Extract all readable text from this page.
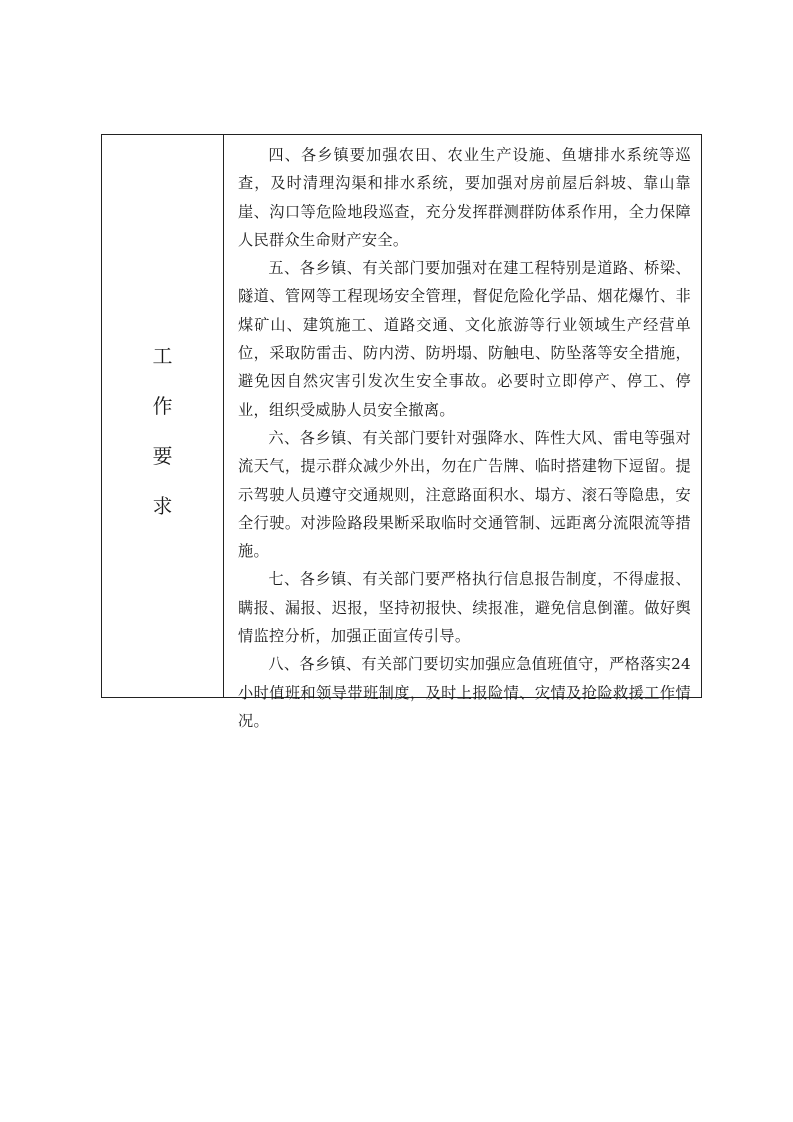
工
作
要
求

四、各乡镇要加强农田、农业生产设施、鱼塘排水系统等巡查，及时清理沟渠和排水系统，要加强对房前屋后斜坡、靠山靠崖、沟口等危险地段巡查，充分发挥群测群防体系作用，全力保障人民群众生命财产安全。

五、各乡镇、有关部门要加强对在建工程特别是道路、桥梁、隧道、管网等工程现场安全管理，督促危险化学品、烟花爆竹、非煤矿山、建筑施工、道路交通、文化旅游等行业领域生产经营单位，采取防雷击、防内涝、防坍塌、防触电、防坠落等安全措施，避免因自然灾害引发次生安全事故。必要时立即停产、停工、停业，组织受威胁人员安全撤离。

六、各乡镇、有关部门要针对强降水、阵性大风、雷电等强对流天气，提示群众减少外出，勿在广告牌、临时搭建物下逗留。提示驾驶人员遵守交通规则，注意路面积水、塌方、滚石等隐患，安全行驶。对涉险路段果断采取临时交通管制、远距离分流限流等措施。

七、各乡镇、有关部门要严格执行信息报告制度，不得虚报、瞒报、漏报、迟报，坚持初报快、续报准，避免信息倒灌。做好舆情监控分析，加强正面宣传引导。

八、各乡镇、有关部门要切实加强应急值班值守，严格落实24小时值班和领导带班制度，及时上报险情、灾情及抢险救援工作情况。
